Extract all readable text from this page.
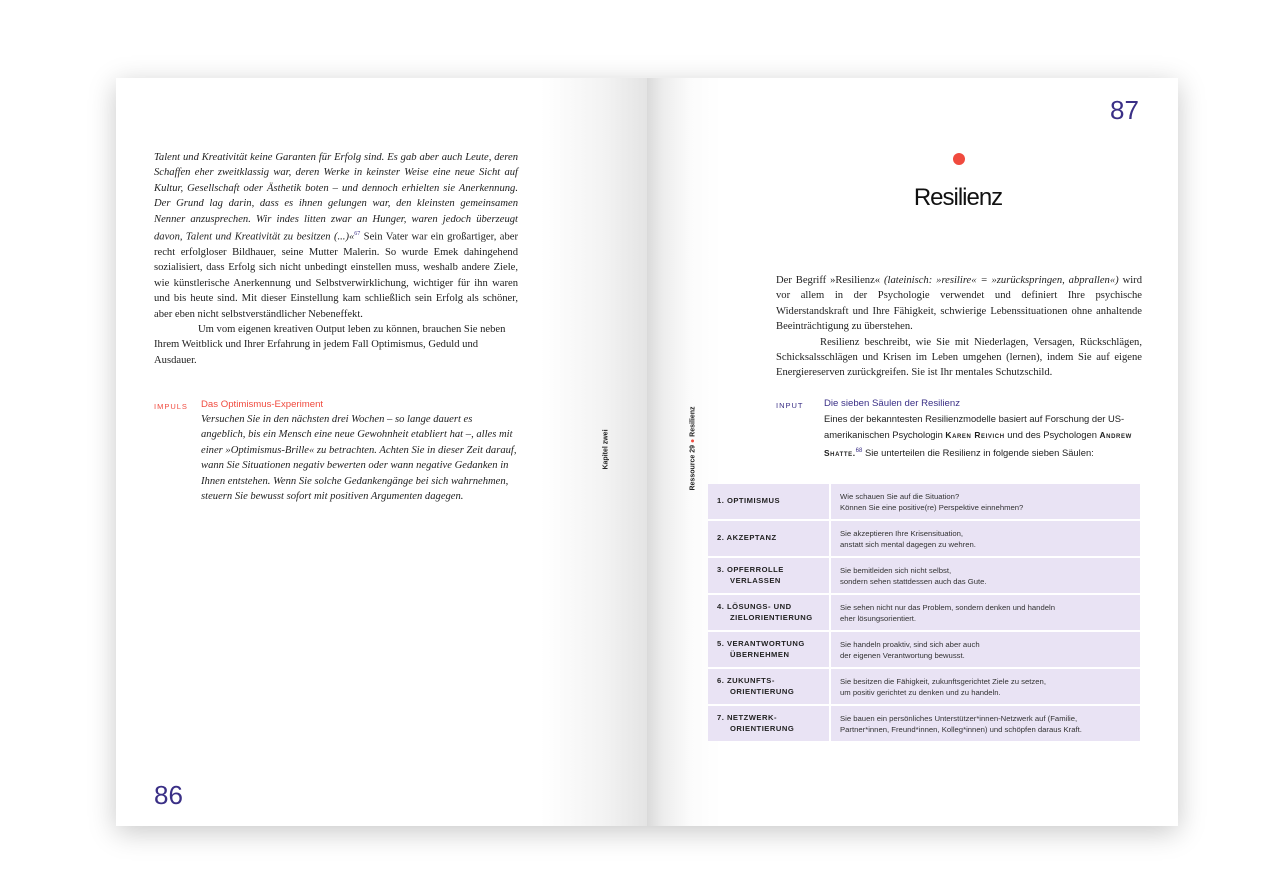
Talent und Kreativität keine Garanten für Erfolg sind. Es gab aber auch Leute, deren Schaffen eher zweitklassig war, deren Werke in keinster Weise eine neue Sicht auf Kultur, Gesellschaft oder Ästhetik boten – und dennoch erhielten sie Anerkennung. Der Grund lag darin, dass es ihnen gelungen war, den kleinsten gemeinsamen Nenner anzusprechen. Wir indes litten zwar an Hunger, waren jedoch überzeugt davon, Talent und Kreativität zu besitzen (...)«$^{67}$ Sein Vater war ein großartiger, aber recht erfolgloser Bildhauer, seine Mutter Malerin. So wurde Emek dahingehend sozialisiert, dass Erfolg sich nicht unbedingt einstellen muss, weshalb andere Ziele, wie künstlerische Anerkennung und Selbstverwirklichung, wichtiger für ihn waren und bis heute sind. Mit dieser Einstellung kam schließlich sein Erfolg als schöner, aber eben nicht selbstverständlicher Nebeneffekt.

Um vom eigenen kreativen Output leben zu können, brauchen Sie neben Ihrem Weitblick und Ihrer Erfahrung in jedem Fall Optimismus, Geduld und Ausdauer.

IMPULS Das Optimismus-Experiment
Versuchen Sie in den nächsten drei Wochen – so lange dauert es angeblich, bis ein Mensch eine neue Gewohnheit etabliert hat –, alles mit einer »Optimismus-Brille« zu betrachten. Achten Sie in dieser Zeit darauf, wann Sie Situationen negativ bewerten oder wann negative Gedanken in Ihnen entstehen. Wenn Sie solche Gedankengänge bei sich wahrnehmen, steuern Sie bewusst sofort mit positiven Argumenten dagegen.
86
Kapitel zwei	Ressource 29 ● Resilienz
87
Resilienz

Der Begriff »Resilienz« (lateinisch: »resilire« = »zurückspringen, abprallen«) wird vor allem in der Psychologie verwendet und definiert Ihre psychische Widerstandskraft und Ihre Fähigkeit, schwierige Lebenssituationen ohne anhaltende Beeinträchtigung zu überstehen.

Resilienz beschreibt, wie Sie mit Niederlagen, Versagen, Rückschlägen, Schicksalsschlägen und Krisen im Leben umgehen (lernen), indem Sie auf eigene Energiereserven zurückgreifen. Sie ist Ihr mentales Schutzschild.

INPUT Die sieben Säulen der Resilienz
Eines der bekanntesten Resilienzmodelle basiert auf Forschung der US-amerikanischen Psychologin Karen Reivich und des Psychologen Andrew Shatte.$^{68}$ Sie unterteilen die Resilienz in folgende sieben Säulen:
1. OPTIMISMUS	Wie schauen Sie auf die Situation?
Können Sie eine positive(re) Perspektive einnehmen?

2. AKZEPTANZ	Sie akzeptieren Ihre Krisensituation,
anstatt sich mental dagegen zu wehren.

3. OPFERROLLE
VERLASSEN	Sie bemitleiden sich nicht selbst,
sondern sehen stattdessen auch das Gute.

4. LÖSUNGS- UND
ZIELORIENTIERUNG	Sie sehen nicht nur das Problem, sondern denken und handeln
eher lösungsorientiert.

5. VERANTWORTUNG
ÜBERNEHMEN	Sie handeln proaktiv, sind sich aber auch
der eigenen Verantwortung bewusst.

6. ZUKUNFTS-
ORIENTIERUNG	Sie besitzen die Fähigkeit, zukunftsgerichtet Ziele zu setzen,
um positiv gerichtet zu denken und zu handeln.

7. NETZWERK-
ORIENTIERUNG	Sie bauen ein persönliches Unterstützer*innen-Netzwerk auf (Familie,
Partner*innen, Freund*innen, Kolleg*innen) und schöpfen daraus Kraft.
